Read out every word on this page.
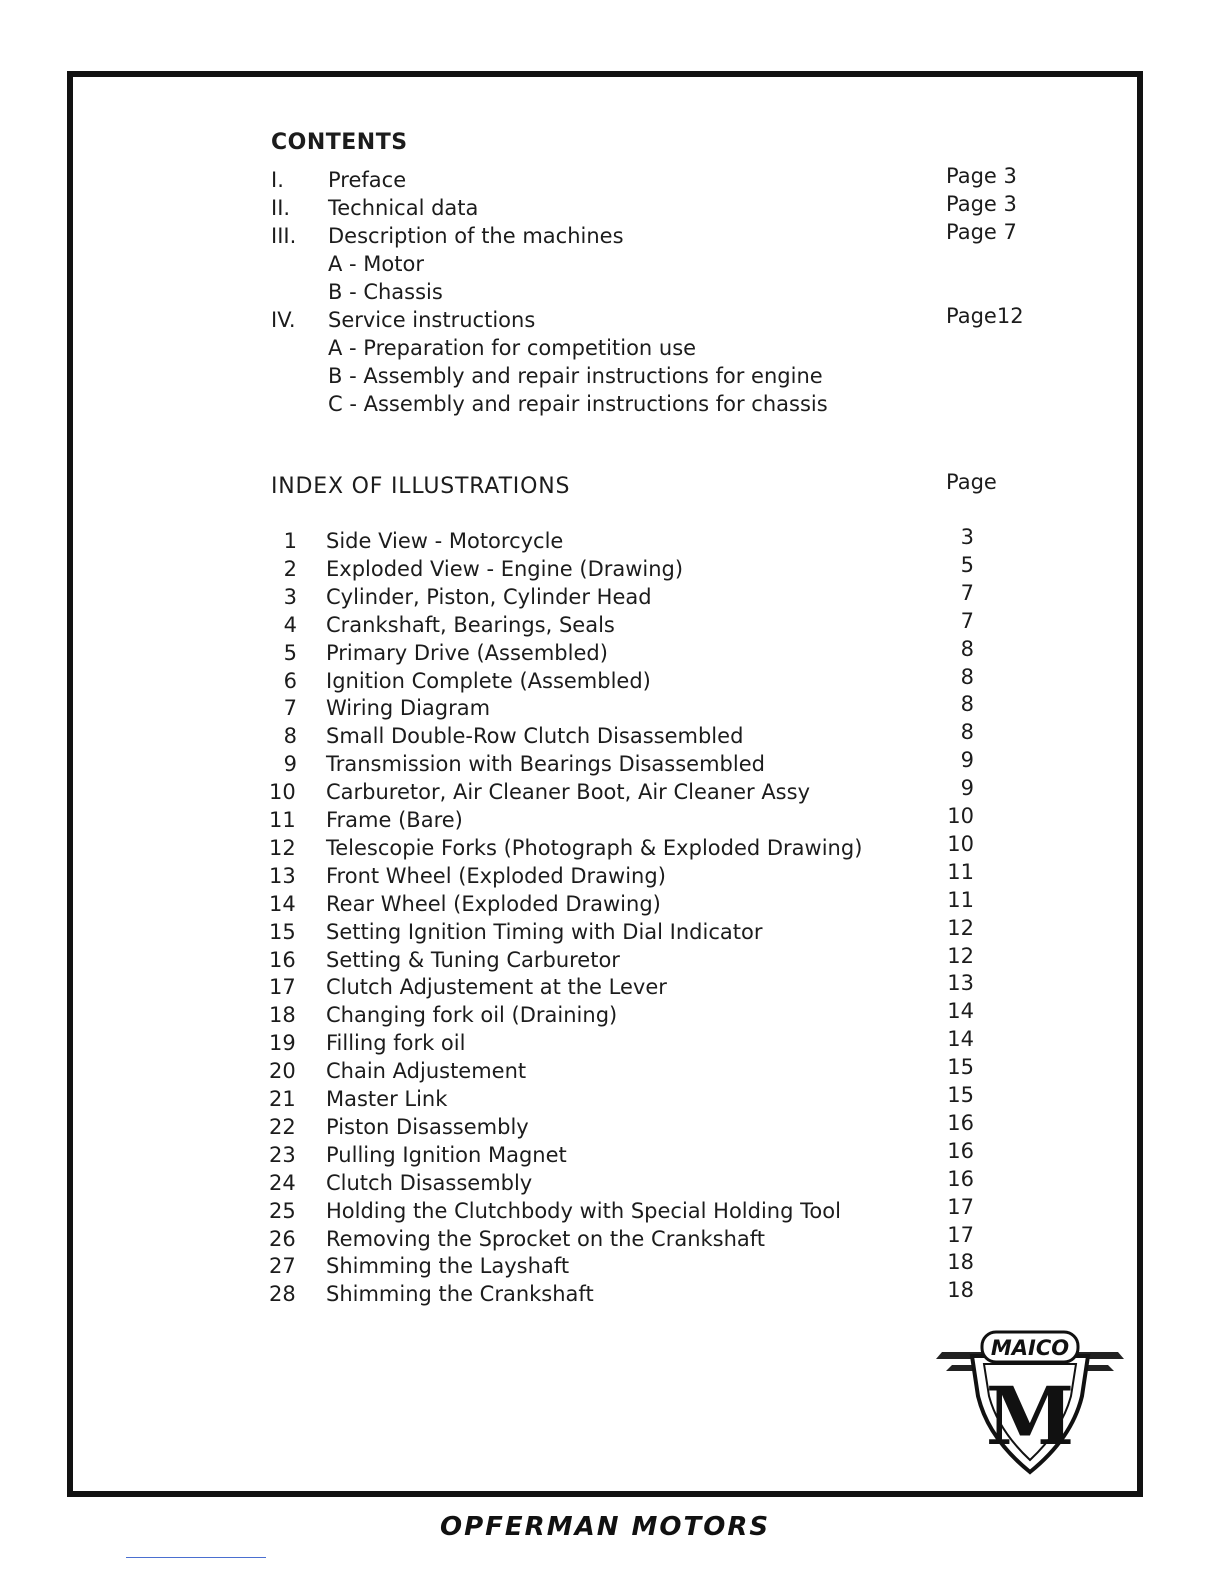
CONTENTS
I. Preface	Page 3
II. Technical data	Page 3
III. Description of the machines	Page 7
A - Motor
B - Chassis
IV. Service instructions	Page12
A - Preparation for competition use
B - Assembly and repair instructions for engine
C - Assembly and repair instructions for chassis
INDEX OF ILLUSTRATIONS	Page
1 Side View - Motorcycle	3
2 Exploded View - Engine (Drawing)	5
3 Cylinder, Piston, Cylinder Head	7
4 Crankshaft, Bearings, Seals	7
5 Primary Drive (Assembled)	8
6 Ignition Complete (Assembled)	8
7 Wiring Diagram	8
8 Small Double-Row Clutch Disassembled	8
9 Transmission with Bearings Disassembled	9
10 Carburetor, Air Cleaner Boot, Air Cleaner Assy	9
11 Frame (Bare)	10
12 Telescopie Forks (Photograph & Exploded Drawing)	10
13 Front Wheel (Exploded Drawing)	11
14 Rear Wheel (Exploded Drawing)	11
15 Setting Ignition Timing with Dial Indicator	12
16 Setting & Tuning Carburetor	12
17 Clutch Adjustement at the Lever	13
18 Changing fork oil (Draining)	14
19 Filling fork oil	14
20 Chain Adjustement	15
21 Master Link	15
22 Piston Disassembly	16
23 Pulling Ignition Magnet	16
24 Clutch Disassembly	16
25 Holding the Clutchbody with Special Holding Tool	17
26 Removing the Sprocket on the Crankshaft	17
27 Shimming the Layshaft	18
28 Shimming the Crankshaft	18
MAICO
M
OPFERMAN MOTORS
